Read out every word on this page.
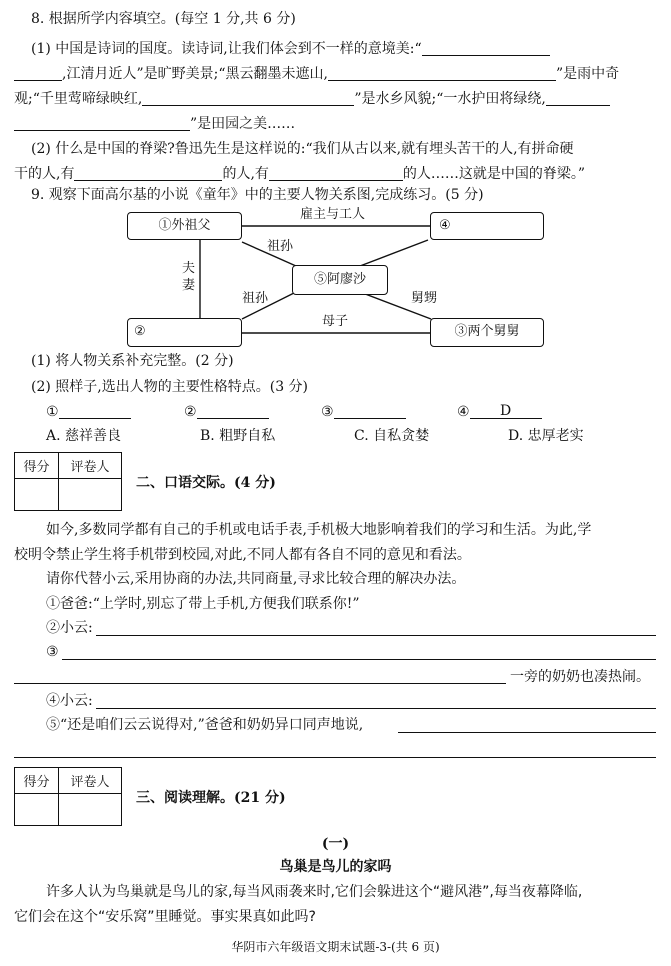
8. 根据所学内容填空。(每空 1 分,共 6 分)
(1) 中国是诗词的国度。读诗词,让我们体会到不一样的意境美:“
,江清月近人”是旷野美景;“黑云翻墨未遮山,	”是雨中奇
观;“千里莺啼绿映红,	”是水乡风貌;“一水护田将绿绕,
”是田园之美……
(2) 什么是中国的脊梁?鲁迅先生是这样说的:“我们从古以来,就有埋头苦干的人,有拼命硬
干的人,有	的人,有	的人……这就是中国的脊梁。”
9. 观察下面高尔基的小说《童年》中的主要人物关系图,完成练习。(5 分)
①外祖父	④
⑤阿廖沙
②	③两个舅舅
雇主与工人
祖孙
夫
妻
祖孙	舅甥
母子
(1) 将人物关系补充完整。(2 分)
(2) 照样子,选出人物的主要性格特点。(3 分)
①	②	③	④ D
A. 慈祥善良	B. 粗野自私	C. 自私贪婪	D. 忠厚老实
得分	评卷人

二、口语交际。(4 分)
如今,多数同学都有自己的手机或电话手表,手机极大地影响着我们的学习和生活。为此,学
校明令禁止学生将手机带到校园,对此,不同人都有各自不同的意见和看法。
请你代替小云,采用协商的办法,共同商量,寻求比较合理的解决办法。
①爸爸:“上学时,别忘了带上手机,方便我们联系你!”
②小云:
③
一旁的奶奶也凑热闹。
④小云:
⑤“还是咱们云云说得对,”爸爸和奶奶异口同声地说,
得分	评卷人

三、阅读理解。(21 分)
(一)
鸟巢是鸟儿的家吗
许多人认为鸟巢就是鸟儿的家,每当风雨袭来时,它们会躲进这个“避风港”,每当夜幕降临,
它们会在这个“安乐窝”里睡觉。事实果真如此吗?
华阴市六年级语文期末试题-3-(共 6 页)
